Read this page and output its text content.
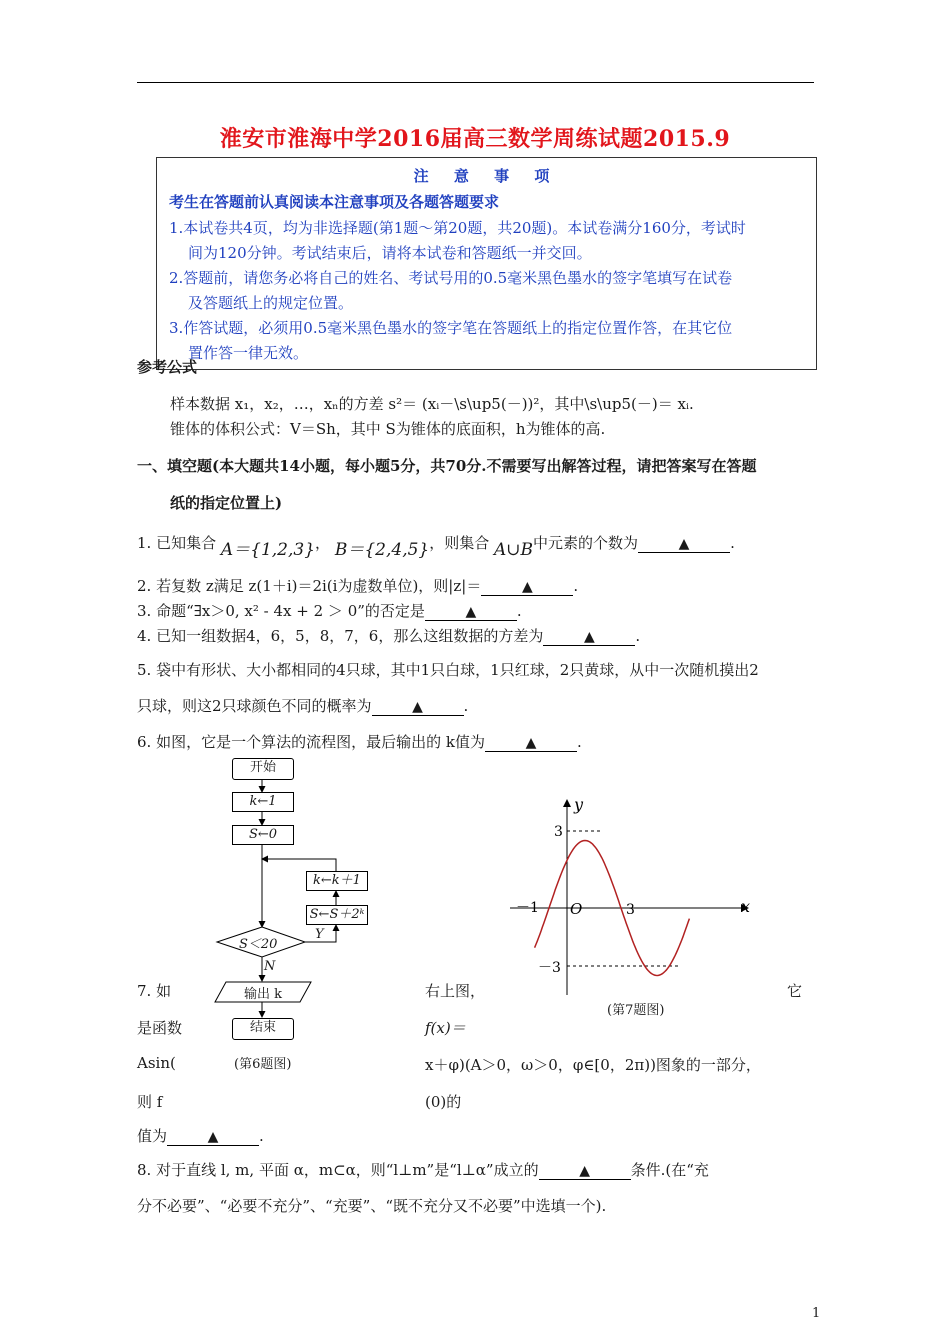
淮安市淮海中学2016届高三数学周练试题2015.9
注 意 事 项
考生在答题前认真阅读本注意事项及各题答题要求
1.本试卷共4页，均为非选择题(第1题～第20题，共20题)。本试卷满分160分，考试时
间为120分钟。考试结束后，请将本试卷和答题纸一并交回。
2.答题前，请您务必将自己的姓名、考试号用的0.5毫米黑色墨水的签字笔填写在试卷
及答题纸上的规定位置。
3.作答试题，必须用0.5毫米黑色墨水的签字笔在答题纸上的指定位置作答，在其它位
置作答一律无效。
参考公式
样本数据 x₁，x₂，…，xₙ的方差 s²＝ (xᵢ－\s\up5(－))²，其中\s\up5(－)＝ xᵢ.
锥体的体积公式：V＝Sh，其中 S为锥体的底面积，h为锥体的高.
一、填空题(本大题共14小题，每小题5分，共70分.不需要写出解答过程，请把答案写在答题
纸的指定位置上)
1. 已知集合 A＝{1,2,3}， B＝{2,4,5}，则集合 A∪B中元素的个数为 ▲	.
2. 若复数 z满足 z(1＋i)＝2i(i为虚数单位)，则|z|＝ ▲	.
3. 命题“∃x＞0, x² - 4x + 2 ＞ 0”的否定是 ▲	.
4. 已知一组数据4，6，5，8，7，6，那么这组数据的方差为 ▲	.
5. 袋中有形状、大小都相同的4只球，其中1只白球，1只红球，2只黄球，从中一次随机摸出2
只球，则这2只球颜色不同的概率为 ▲	.
6. 如图，它是一个算法的流程图，最后输出的 k值为 ▲	.
开始
k←1
S←0
k←k＋1
S←S＋2ᵏ
Y
S＜20
N
输出 k
结束
(第6题图)
y
x
O
3
－3
－1	3
(第7题图)
7. 如	右上图，	它
是函数	f(x)＝
Asin(	x＋φ)(A＞0，ω＞0，φ∈[0，2π))图象的一部分，
则 f	(0)的
值为 ▲	.
8. 对于直线 l, m, 平面 α，m⊂α，则“l⊥m”是“l⊥α”成立的 ▲	条件.(在“充
分不必要”、“必要不充分”、“充要”、“既不充分又不必要”中选填一个).
1
